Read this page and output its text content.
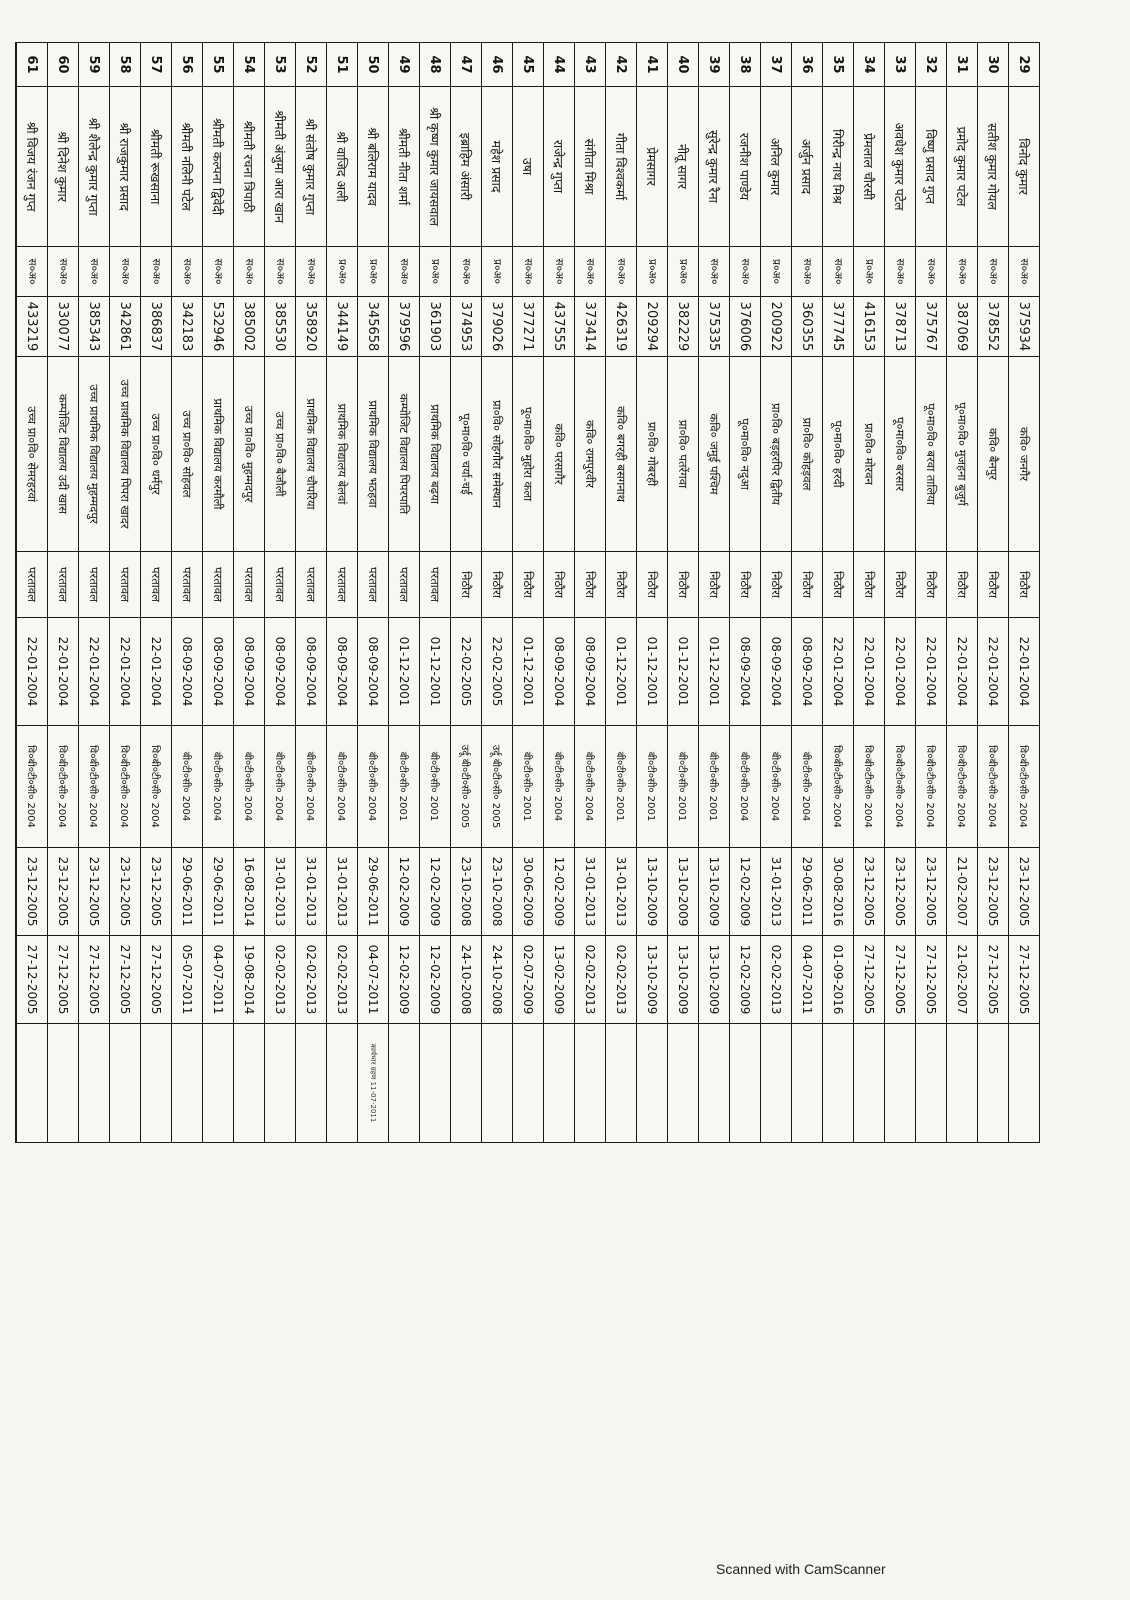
29	विनोद कुमार	स०अ०	375934	कवि० जनगैर	निठौरा	22-01-2004	वि०बी०टी०सी० 2004	23-12-2005	27-12-2005	
30	सतीश कुमार गोयल	स०अ०	378552	कवि० बैनपुर	निठौरा	22-01-2004	वि०बी०टी०सी० 2004	23-12-2005	27-12-2005	
31	प्रमोद कुमार पटेल	स०अ०	387069	पू०मा०वि० मुजहना बुजुर्ग	निठौरा	22-01-2004	वि०बी०टी०सी० 2004	21-02-2007	21-02-2007	
32	विष्णु प्रसाद गुप्त	स०अ०	375767	पू०मा०वि० बरवा तालिया	निठौरा	22-01-2004	वि०बी०टी०सी० 2004	23-12-2005	27-12-2005	
33	अवधेश कुमार पटेल	स०अ०	378713	पू०मा०वि० बरसार	निठौरा	22-01-2004	वि०बी०टी०सी० 2004	23-12-2005	27-12-2005	
34	प्रेमलाल चौरसी	प्र०अ०	416153	प्रा०वि० मोरवन	निठौरा	22-01-2004	वि०बी०टी०सी० 2004	23-12-2005	27-12-2005	
35	गिरीन्द्र नाथ मिश्र	स०अ०	377745	पू०मा०वि० हरदी	निठौरा	22-01-2004	वि०बी०टी०सी० 2004	30-08-2016	01-09-2016	
36	अर्जुन प्रसाद	स०अ०	360355	प्रा०वि० कोहड़वल	निठौरा	08-09-2004	बी०टी०सी० 2004	29-06-2011	04-07-2011	
37	अनिल कुमार	प्र०अ०	200922	प्रा०वि० बड़हरपिर द्वितीय	निठौरा	08-09-2004	बी०टी०सी० 2004	31-01-2013	02-02-2013	
38	रजनीश पाण्डेय	स०अ०	376006	पू०मा०वि० नदुआ	निठौरा	08-09-2004	बी०टी०सी० 2004	12-02-2009	12-02-2009	
39	सुरेन्द्र कुमार रैना	स०अ०	375335	कवि० जमुई पश्चिम	निठौरा	01-12-2001	बी०टी०सी० 2001	13-10-2009	13-10-2009	
40	नीतू सागर	प्र०अ०	382229	प्रा०वि० पतरेंगवा	निठौरा	01-12-2001	बी०टी०सी० 2001	13-10-2009	13-10-2009	
41	प्रेमसागर	प्र०अ०	209294	प्रा०वि० गोबरही	निठौरा	01-12-2001	बी०टी०सी० 2001	13-10-2009	13-10-2009	
42	गीता विश्वकर्मा	स०अ०	426319	कवि० बगरही बसगनाथ	निठौरा	01-12-2001	बी०टी०सी० 2001	31-01-2013	02-02-2013	
43	संगीता मिश्रा	स०अ०	373414	कवि० रामपुरवीर	निठौरा	08-09-2004	बी०टी०सी० 2004	31-01-2013	02-02-2013	
44	राजेन्द्र गुप्ता	स०अ०	437555	कवि० परसागैर	निठौरा	08-09-2004	बी०टी०सी० 2004	12-02-2009	13-02-2009	
45	उषा	स०अ०	377271	पू०मा०वि० मुहोरा कला	निठौरा	01-12-2001	बी०टी०सी० 2001	30-06-2009	02-07-2009	
46	महेश प्रसाद	प्र०अ०	379026	प्रा०वि० सोहगौरा समेस्थान	निठौरा	22-02-2005	उर्दू बी०टी०सी० 2005	23-10-2008	24-10-2008	
47	इब्राहिम अंसारी	स०अ०	374953	पू०मा०वि० चर्या-चर्ई	निठौरा	22-02-2005	उर्दू बी०टी०सी० 2005	23-10-2008	24-10-2008	
48	श्री कृष्ण कुमार जायसवाल	प्र०अ०	361903	प्राथमिक विद्यालय बढ़या	परतावल	01-12-2001	बी०टी०सी० 2001	12-02-2009	12-02-2009	
49	श्रीमती नीता शर्मा	स०अ०	379596	कम्पोजिट विद्यालय पिपरपाति	परतावल	01-12-2001	बी०टी०सी० 2001	12-02-2009	12-02-2009	
50	श्री बलिराम यादव	प्र०अ०	345658	प्राथमिक विद्यालय भठहवा	परतावल	08-09-2004	बी०टी०सी० 2004	29-06-2011	04-07-2011	कार्यभार ग्रहण 11-07-2011
51	श्री वाजिद अली	प्र०अ०	344149	प्राथमिक विद्यालय बेलवां	परतावल	08-09-2004	बी०टी०सी० 2004	31-01-2013	02-02-2013	
52	श्री संतोष कुमार गुप्ता	स०अ०	358920	प्राथमिक विद्यालय चौपरिया	परतावल	08-09-2004	बी०टी०सी० 2004	31-01-2013	02-02-2013	
53	श्रीमती अंजुमा आरा खान	स०अ०	385530	उच्च प्रा०वि० बैजौली	परतावल	08-09-2004	बी०टी०सी० 2004	31-01-2013	02-02-2013	
54	श्रीमती रचना त्रिपाठी	स०अ०	385002	उच्च प्रा०वि० मुहम्मदपुर	परतावल	08-09-2004	बी०टी०सी० 2004	16-08-2014	19-08-2014	
55	श्रीमती कल्पना द्विवेदी	स०अ०	532946	प्राथमिक विद्यालय करमौली	परतावल	08-09-2004	बी०टी०सी० 2004	29-06-2011	04-07-2011	
56	श्रीमती नलिनी पटेल	स०अ०	342183	उच्च प्रा०वि० सोहवल	परतावल	08-09-2004	बी०टी०सी० 2004	29-06-2011	05-07-2011	
57	श्रीमती रूखसाना	स०अ०	386837	उच्च प्रा०वि० धर्मपुर	परतावल	22-01-2004	वि०बी०टी०सी० 2004	23-12-2005	27-12-2005	
58	श्री राजकुमार प्रसाद	स०अ०	342861	उच्च प्राथमिक विद्यालय पिपरा खादर	परतावल	22-01-2004	वि०बी०टी०सी० 2004	23-12-2005	27-12-2005	
59	श्री शैलेन्द्र कुमार गुप्ता	स०अ०	385343	उच्च प्राथमिक विद्यालय मुहम्मदपुर	परतावल	22-01-2004	वि०बी०टी०सी० 2004	23-12-2005	27-12-2005	
60	श्री दिनेश कुमार	स०अ०	330077	कम्पोजिट विद्यालय उदी खास	परतावल	22-01-2004	वि०बी०टी०सी० 2004	23-12-2005	27-12-2005	
61	श्री विजय रंजन गुप्त	स०अ०	433219	उच्च प्रा०वि० सेमरहरवां	परतावल	22-01-2004	वि०बी०टी०सी० 2004	23-12-2005	27-12-2005	

Scanned with CamScanner
